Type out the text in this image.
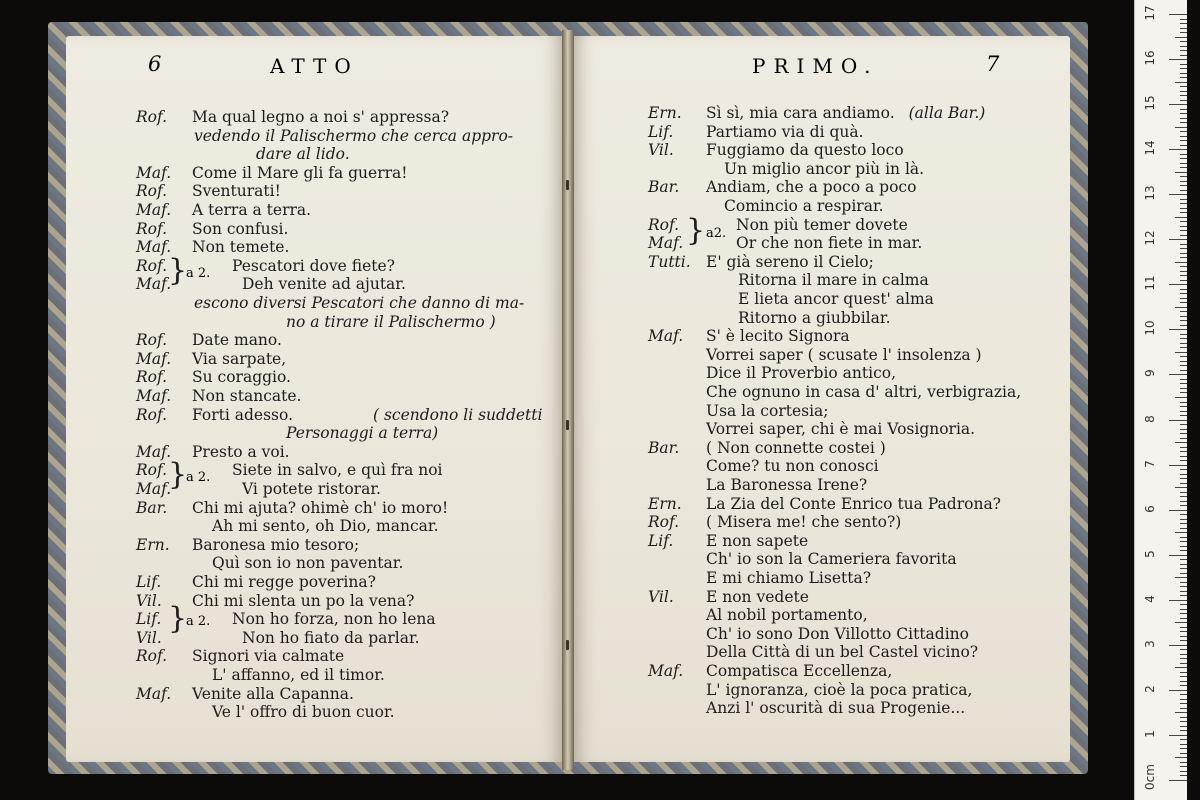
6	ATTO	PRIMO.	7
Rof. Ma qual legno a noi s' appressa?
vedendo il Palischermo che cerca appro-
dare al lido.
Maf. Come il Mare gli fa guerra!
Rof. Sventurati!
Maf. A terra a terra.
Rof. Son confusi.
Maf. Non temete.
Rof.	Pescatori dove fiete?
Maf.	Deh venite ad ajutar.
escono diversi Pescatori che danno di ma-
no a tirare il Palischermo )
Rof. Date mano.
Maf. Via sarpate,
Rof. Su coraggio.
Maf. Non stancate.
Rof. Forti adesso.	( scendono li suddetti
Personaggi a terra)
Maf. Presto a voi.
Rof.	Siete in salvo, e quì fra noi
Maf.	Vi potete ristorar.
Bar. Chi mi ajuta? ohimè ch' io moro!
Ah mi sento, oh Dio, mancar.
Ern. Baronesa mio tesoro;
Quì son io non paventar.
Lif. Chi mi regge poverina?
Vil. Chi mi slenta un po la vena?
Lif.	Non ho forza, non ho lena
Vil.	Non ho fiato da parlar.
Rof. Signori via calmate
L' affanno, ed il timor.
Maf. Venite alla Capanna.
Ve l' offro di buon cuor.
Ern. Sì sì, mia cara andiamo. (alla Bar.)
Lif. Partiamo via di quà.
Vil. Fuggiamo da questo loco
Un miglio ancor più in là.
Bar. Andiam, che a poco a poco
Comincio a respirar.
Rof.	Non più temer dovete
Maf.	Or che non fiete in mar.
Tutti. E' già sereno il Cielo;
Ritorna il mare in calma
E lieta ancor quest' alma
Ritorno a giubbilar.
Maf. S' è lecito Signora
Vorrei saper ( scusate l' insolenza )
Dice il Proverbio antico,
Che ognuno in casa d' altri, verbigrazia,
Usa la cortesia;
Vorrei saper, chi è mai Vosignoria.
Bar. ( Non connette costei )
Come? tu non conosci
La Baronessa Irene?
Ern. La Zia del Conte Enrico tua Padrona?
Rof. ( Misera me! che sento?)
Lif. E non sapete
Ch' io son la Cameriera favorita
E mi chiamo Lisetta?
Vil. E non vedete
Al nobil portamento,
Ch' io sono Don Villotto Cittadino
Della Città di un bel Castel vicino?
Maf. Compatisca Eccellenza,
L' ignoranza, cioè la poca pratica,
Anzi l' oscurità di sua Progenie...
}
a 2.
}
a 2.
}
a 2.
} a2.
17
16
15
14
13
12
11
10
9
8
7
6
5
4
3
2
1
0cm
